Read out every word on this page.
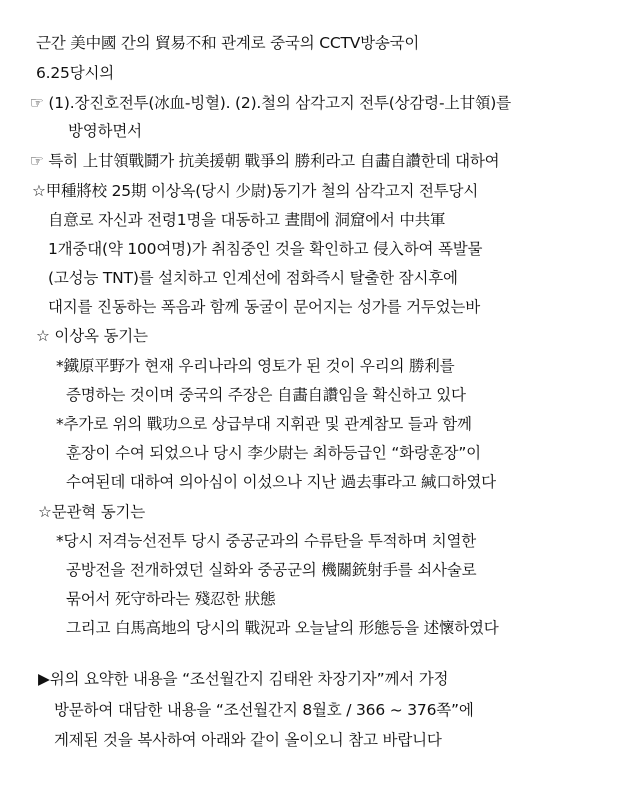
근간 美中國 간의 貿易不和 관계로 중국의 CCTV방송국이
6.25당시의
☞ (1).장진호전투(冰血-빙혈). (2).철의 삼각고지 전투(상감령-上甘領)를
방영하면서
☞ 특히 上甘領戰鬪가 抗美援朝 戰爭의 勝利라고 自畵自讚한데 대하여
☆甲種將校 25期 이상옥(당시 少尉)동기가 철의 삼각고지 전투당시
自意로 자신과 전령1명을 대동하고 晝間에 洞窟에서 中共軍
1개중대(약 100여명)가 취침중인 것을 확인하고 侵入하여 폭발물
(고성능 TNT)를 설치하고 인계선에 점화즉시 탈출한 잠시후에
대지를 진동하는 폭음과 함께 동굴이 문어지는 성가를 거두었는바
☆ 이상옥 동기는
*鐵原平野가 현재 우리나라의 영토가 된 것이 우리의 勝利를
증명하는 것이며 중국의 주장은 自畵自讚임을 확신하고 있다
*추가로 위의 戰功으로 상급부대 지휘관 및 관계참모 들과 함께
훈장이 수여 되었으나 당시 李少尉는 최하등급인 “화랑훈장”이
수여된데 대하여 의아심이 이섰으나 지난 過去事라고 緘口하였다
☆문관혁 동기는
*당시 저격능선전투 당시 중공군과의 수류탄을 투적하며 치열한
공방전을 전개하였던 실화와 중공군의 機關銃射手를 쇠사술로
묶어서 死守하라는 殘忍한 狀態
그리고 白馬高地의 당시의 戰況과 오늘날의 形態등을 述懷하였다
▶위의 요약한 내용을 “조선월간지 김태완 차장기자”께서 가정
방문하여 대담한 내용을 “조선월간지 8월호 / 366 ~ 376쪽”에
게제된 것을 복사하여 아래와 같이 올이오니 참고 바랍니다
